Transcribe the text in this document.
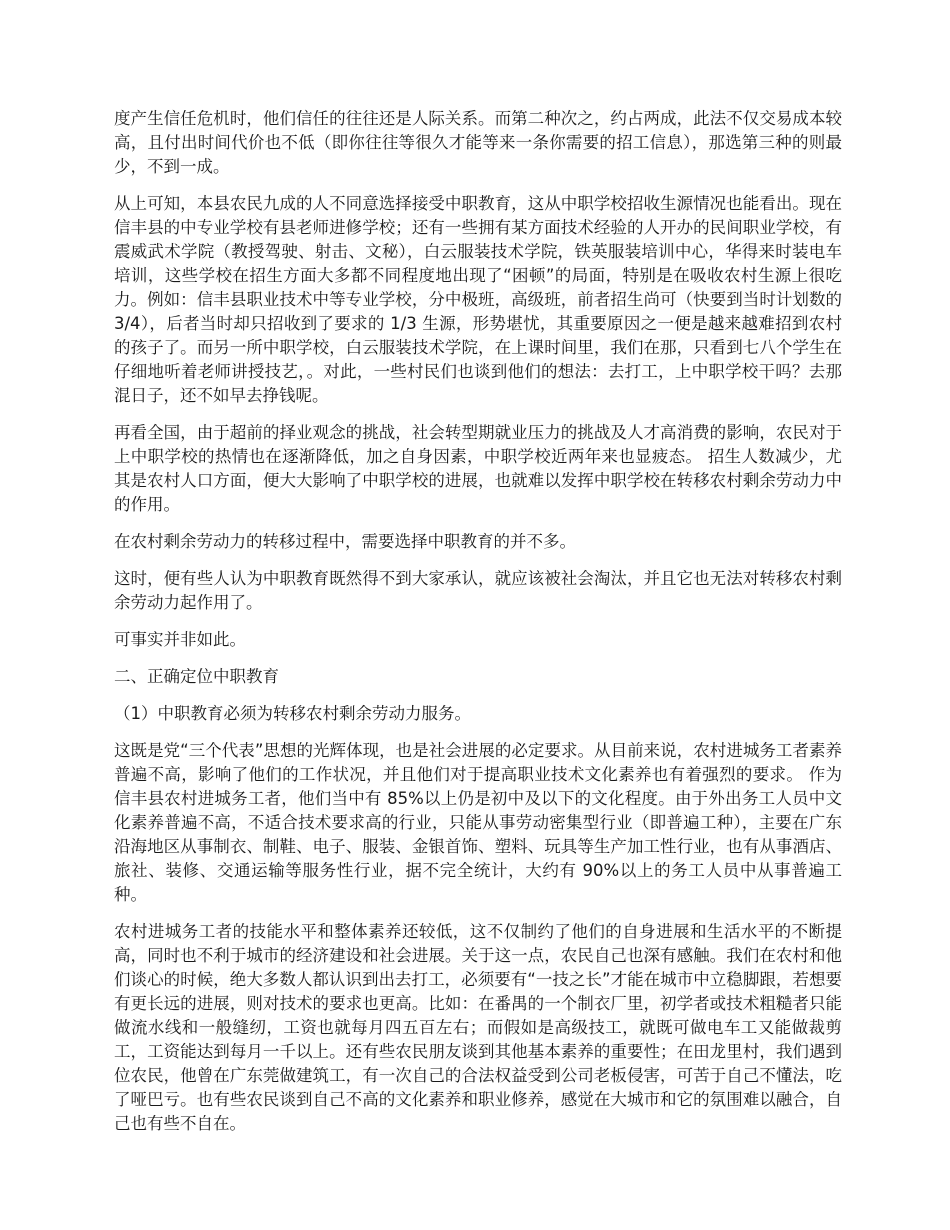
度产生信任危机时，他们信任的往往还是人际关系。而第二种次之，约占两成，此法不仅交易成本较高，且付出时间代价也不低（即你往往等很久才能等来一条你需要的招工信息），那选第三种的则最少，不到一成。

从上可知，本县农民九成的人不同意选择接受中职教育，这从中职学校招收生源情况也能看出。现在信丰县的中专业学校有县老师进修学校；还有一些拥有某方面技术经验的人开办的民间职业学校，有震威武术学院（教授驾驶、射击、文秘），白云服装技术学院，铁英服装培训中心，华得来时装电车培训，这些学校在招生方面大多都不同程度地出现了“困顿”的局面，特别是在吸收农村生源上很吃力。例如：信丰县职业技术中等专业学校，分中极班，高级班，前者招生尚可（快要到当时计划数的 3/4），后者当时却只招收到了要求的 1/3 生源，形势堪忧，其重要原因之一便是越来越难招到农村的孩子了。而另一所中职学校，白云服装技术学院，在上课时间里，我们在那，只看到七八个学生在仔细地听着老师讲授技艺，。对此，一些村民们也谈到他们的想法：去打工，上中职学校干吗？去那混日子，还不如早去挣钱呢。

再看全国，由于超前的择业观念的挑战，社会转型期就业压力的挑战及人才高消费的影响，农民对于上中职学校的热情也在逐渐降低，加之自身因素，中职学校近两年来也显疲态。 招生人数减少，尤其是农村人口方面，便大大影响了中职学校的进展，也就难以发挥中职学校在转移农村剩余劳动力中的作用。

在农村剩余劳动力的转移过程中，需要选择中职教育的并不多。

这时，便有些人认为中职教育既然得不到大家承认，就应该被社会淘汰，并且它也无法对转移农村剩余劳动力起作用了。

可事实并非如此。

二、正确定位中职教育

（1）中职教育必须为转移农村剩余劳动力服务。

这既是党“三个代表”思想的光辉体现，也是社会进展的必定要求。从目前来说，农村进城务工者素养普遍不高，影响了他们的工作状况，并且他们对于提高职业技术文化素养也有着强烈的要求。 作为信丰县农村进城务工者，他们当中有 85%以上仍是初中及以下的文化程度。由于外出务工人员中文化素养普遍不高，不适合技术要求高的行业，只能从事劳动密集型行业（即普遍工种），主要在广东沿海地区从事制衣、制鞋、电子、服装、金银首饰、塑料、玩具等生产加工性行业，也有从事酒店、旅社、装修、交通运输等服务性行业，据不完全统计，大约有 90%以上的务工人员中从事普遍工种。

农村进城务工者的技能水平和整体素养还较低，这不仅制约了他们的自身进展和生活水平的不断提高，同时也不利于城市的经济建设和社会进展。关于这一点，农民自己也深有感触。我们在农村和他们谈心的时候，绝大多数人都认识到出去打工，必须要有“一技之长”才能在城市中立稳脚跟，若想要有更长远的进展，则对技术的要求也更高。比如：在番禺的一个制衣厂里，初学者或技术粗糙者只能做流水线和一般缝纫，工资也就每月四五百左右；而假如是高级技工，就既可做电车工又能做裁剪工，工资能达到每月一千以上。还有些农民朋友谈到其他基本素养的重要性；在田龙里村，我们遇到位农民，他曾在广东莞做建筑工，有一次自己的合法权益受到公司老板侵害，可苦于自己不懂法，吃了哑巴亏。也有些农民谈到自己不高的文化素养和职业修养，感觉在大城市和它的氛围难以融合，自己也有些不自在。
